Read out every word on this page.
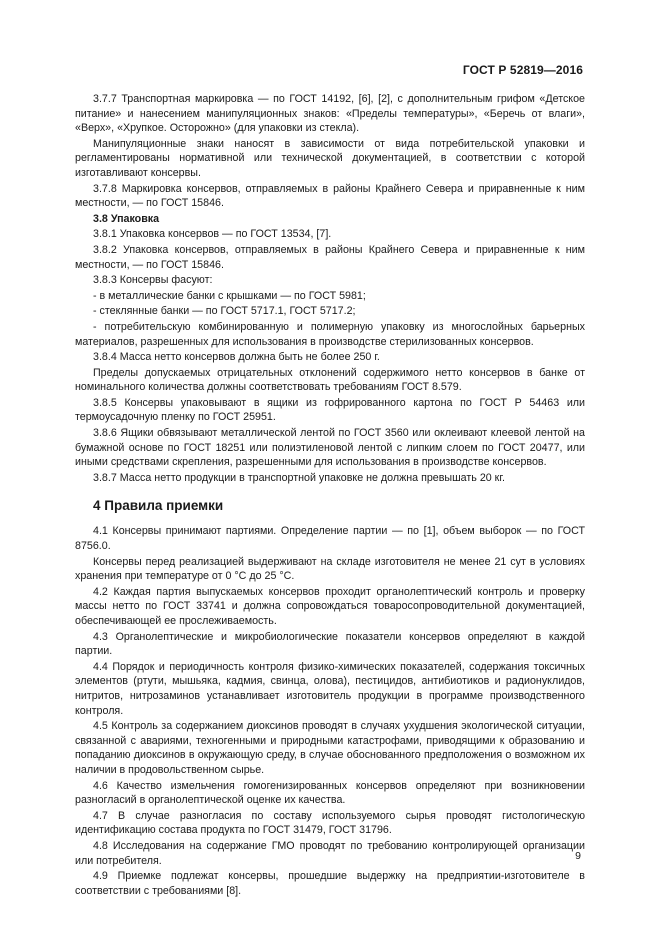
ГОСТ Р 52819—2016

3.7.7 Транспортная маркировка — по ГОСТ 14192, [6], [2], с дополнительным грифом «Детское питание» и нанесением манипуляционных знаков: «Пределы температуры», «Беречь от влаги», «Верх», «Хрупкое. Осторожно» (для упаковки из стекла).

Манипуляционные знаки наносят в зависимости от вида потребительской упаковки и регламентированы нормативной или технической документацией, в соответствии с которой изготавливают консервы.

3.7.8 Маркировка консервов, отправляемых в районы Крайнего Севера и приравненные к ним местности, — по ГОСТ 15846.

3.8 Упаковка

3.8.1 Упаковка консервов — по ГОСТ 13534, [7].

3.8.2 Упаковка консервов, отправляемых в районы Крайнего Севера и приравненные к ним местности, — по ГОСТ 15846.

3.8.3 Консервы фасуют:

- в металлические банки с крышками — по ГОСТ 5981;

- стеклянные банки — по ГОСТ 5717.1, ГОСТ 5717.2;

- потребительскую комбинированную и полимерную упаковку из многослойных барьерных материалов, разрешенных для использования в производстве стерилизованных консервов.

3.8.4 Масса нетто консервов должна быть не более 250 г.

Пределы допускаемых отрицательных отклонений содержимого нетто консервов в банке от номинального количества должны соответствовать требованиям ГОСТ 8.579.

3.8.5 Консервы упаковывают в ящики из гофрированного картона по ГОСТ Р 54463 или термоусадочную пленку по ГОСТ 25951.

3.8.6 Ящики обвязывают металлической лентой по ГОСТ 3560 или оклеивают клеевой лентой на бумажной основе по ГОСТ 18251 или полиэтиленовой лентой с липким слоем по ГОСТ 20477, или иными средствами скрепления, разрешенными для использования в производстве консервов.

3.8.7 Масса нетто продукции в транспортной упаковке не должна превышать 20 кг.

4 Правила приемки

4.1 Консервы принимают партиями. Определение партии — по [1], объем выборок — по ГОСТ 8756.0.

Консервы перед реализацией выдерживают на складе изготовителя не менее 21 сут в условиях хранения при температуре от 0 °С до 25 °С.

4.2 Каждая партия выпускаемых консервов проходит органолептический контроль и проверку массы нетто по ГОСТ 33741 и должна сопровождаться товаросопроводительной документацией, обеспечивающей ее прослеживаемость.

4.3 Органолептические и микробиологические показатели консервов определяют в каждой партии.

4.4 Порядок и периодичность контроля физико-химических показателей, содержания токсичных элементов (ртути, мышьяка, кадмия, свинца, олова), пестицидов, антибиотиков и радионуклидов, нитритов, нитрозаминов устанавливает изготовитель продукции в программе производственного контроля.

4.5 Контроль за содержанием диоксинов проводят в случаях ухудшения экологической ситуации, связанной с авариями, техногенными и природными катастрофами, приводящими к образованию и попаданию диоксинов в окружающую среду, в случае обоснованного предположения о возможном их наличии в продовольственном сырье.

4.6 Качество измельчения гомогенизированных консервов определяют при возникновении разногласий в органолептической оценке их качества.

4.7 В случае разногласия по составу используемого сырья проводят гистологическую идентификацию состава продукта по ГОСТ 31479, ГОСТ 31796.

4.8 Исследования на содержание ГМО проводят по требованию контролирующей организации или потребителя.

4.9 Приемке подлежат консервы, прошедшие выдержку на предприятии-изготовителе в соответствии с требованиями [8].

9
